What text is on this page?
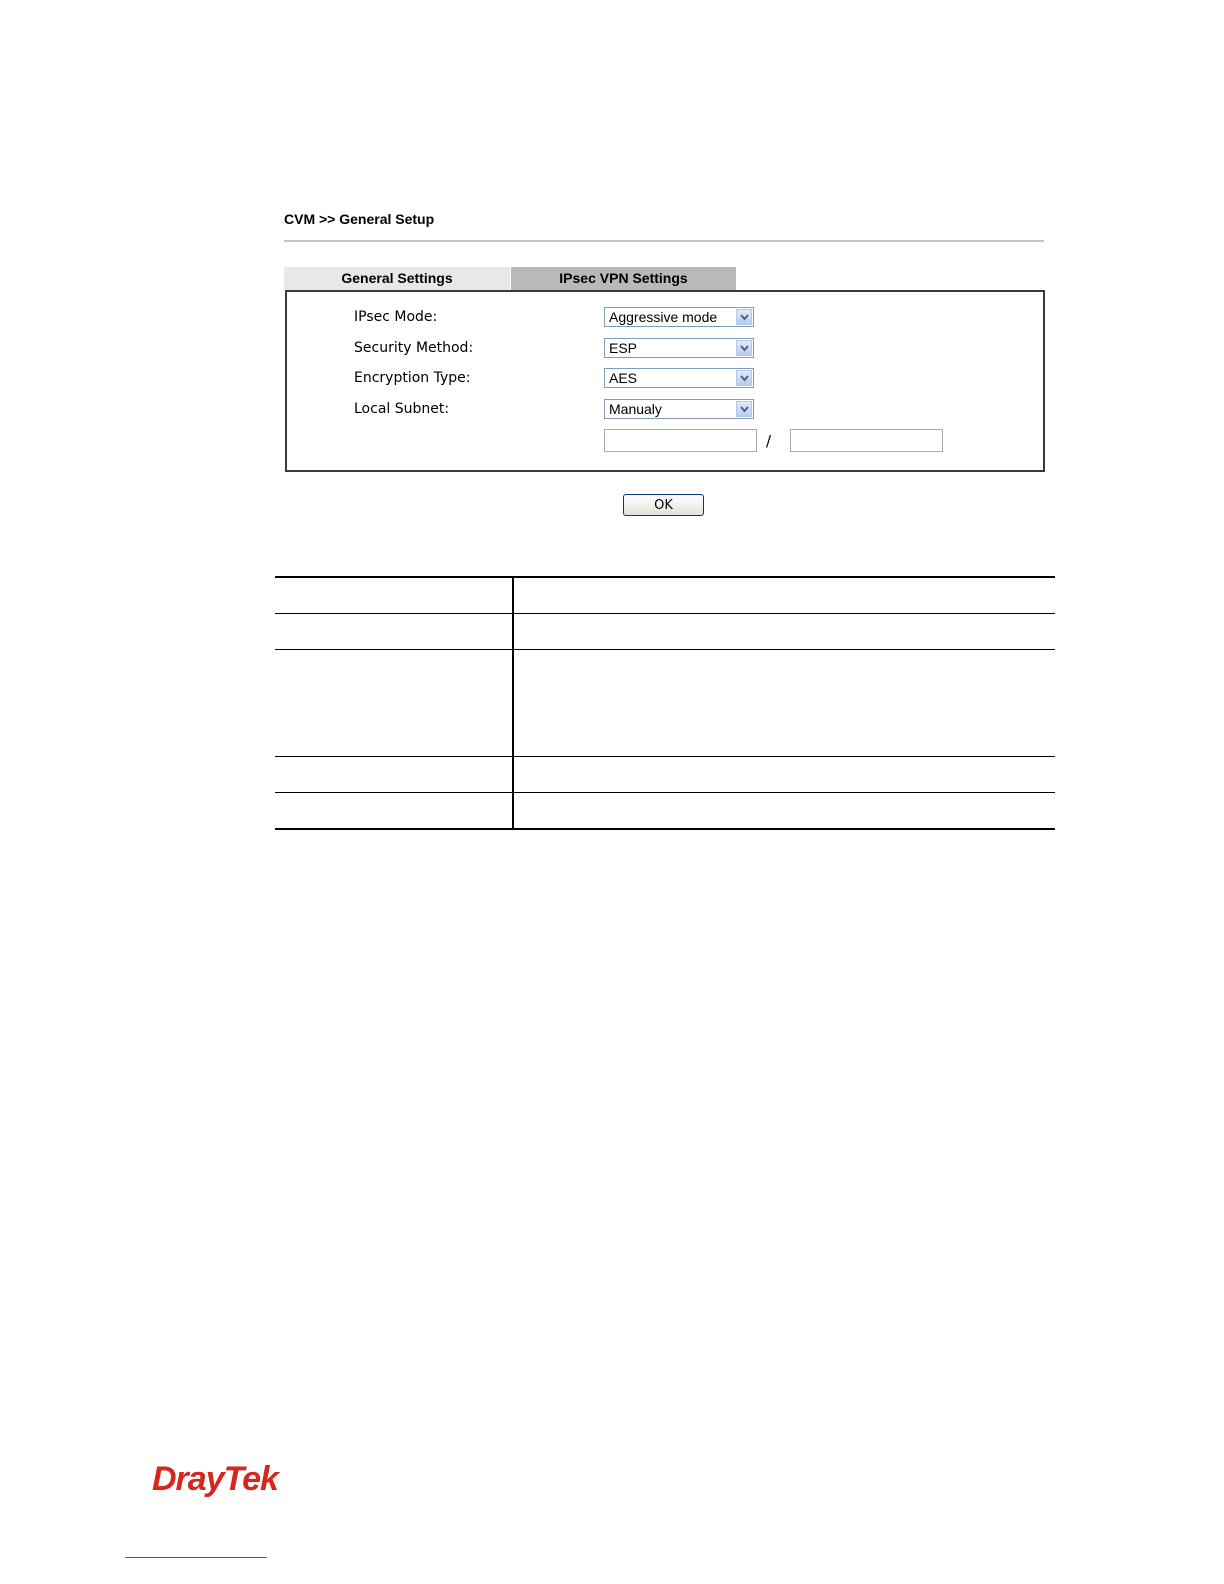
CVM >> General Setup
General Settings	IPsec VPN Settings
IPsec Mode:	Aggressive mode
Security Method:	ESP
Encryption Type:	AES
Local Subnet:	Manualy
/
OK
DrayTek
